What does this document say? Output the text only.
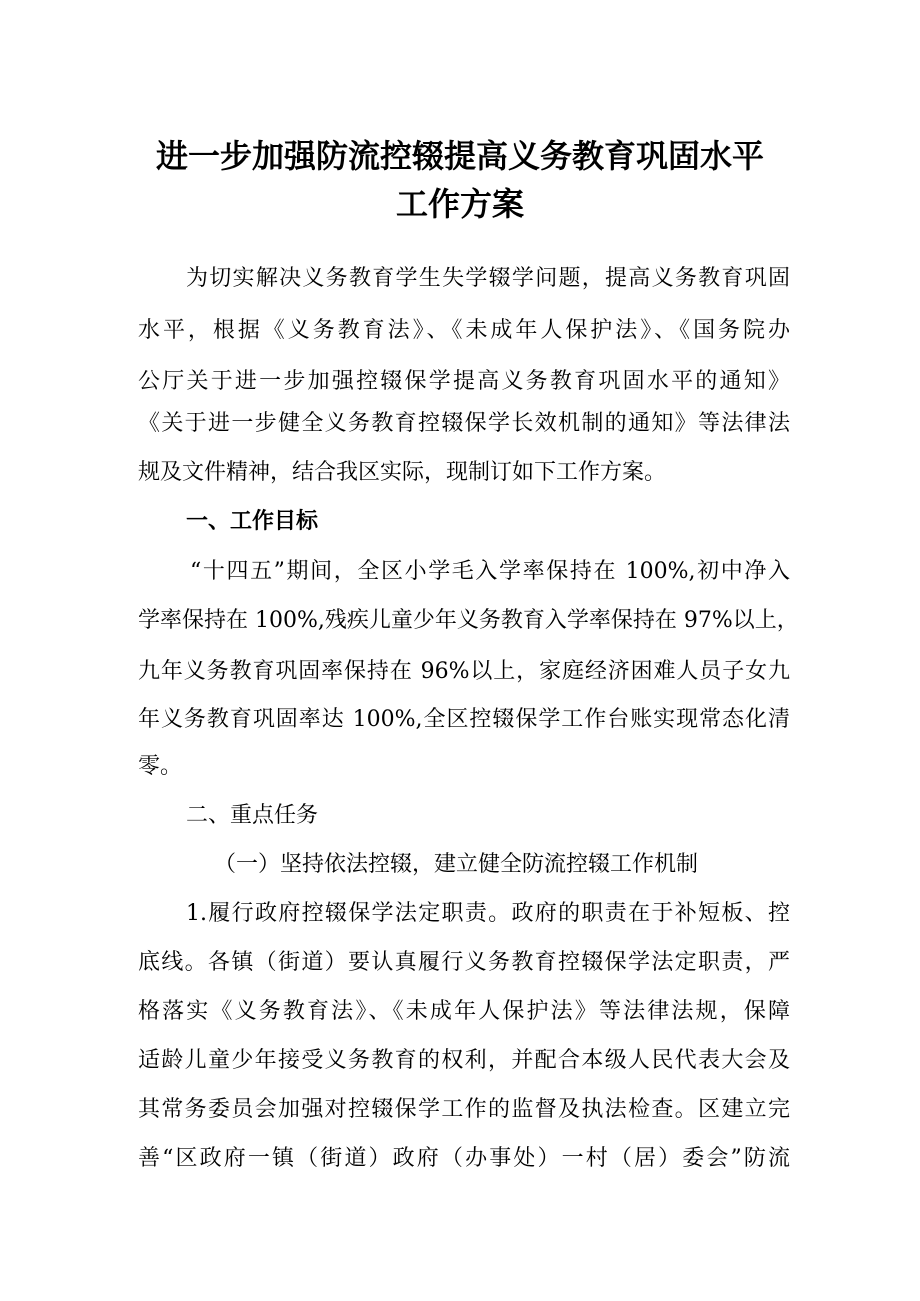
进一步加强防流控辍提高义务教育巩固水平
工作方案
为切实解决义务教育学生失学辍学问题，提高义务教育巩固
水平，根据《义务教育法》、《未成年人保护法》、《国务院办
公厅关于进一步加强控辍保学提高义务教育巩固水平的通知》
《关于进一步健全义务教育控辍保学长效机制的通知》等法律法
规及文件精神，结合我区实际，现制订如下工作方案。
一、工作目标
“十四五”期间，全区小学毛入学率保持在 100%,初中净入
学率保持在 100%,残疾儿童少年义务教育入学率保持在 97%以上，
九年义务教育巩固率保持在 96%以上，家庭经济困难人员子女九
年义务教育巩固率达 100%,全区控辍保学工作台账实现常态化清
零。
二、重点任务
（一）坚持依法控辍，建立健全防流控辍工作机制
1.履行政府控辍保学法定职责。政府的职责在于补短板、控
底线。各镇（街道）要认真履行义务教育控辍保学法定职责，严
格落实《义务教育法》、《未成年人保护法》等法律法规，保障
适龄儿童少年接受义务教育的权利，并配合本级人民代表大会及
其常务委员会加强对控辍保学工作的监督及执法检查。区建立完
善“区政府一镇（街道）政府（办事处）一村（居）委会”防流
